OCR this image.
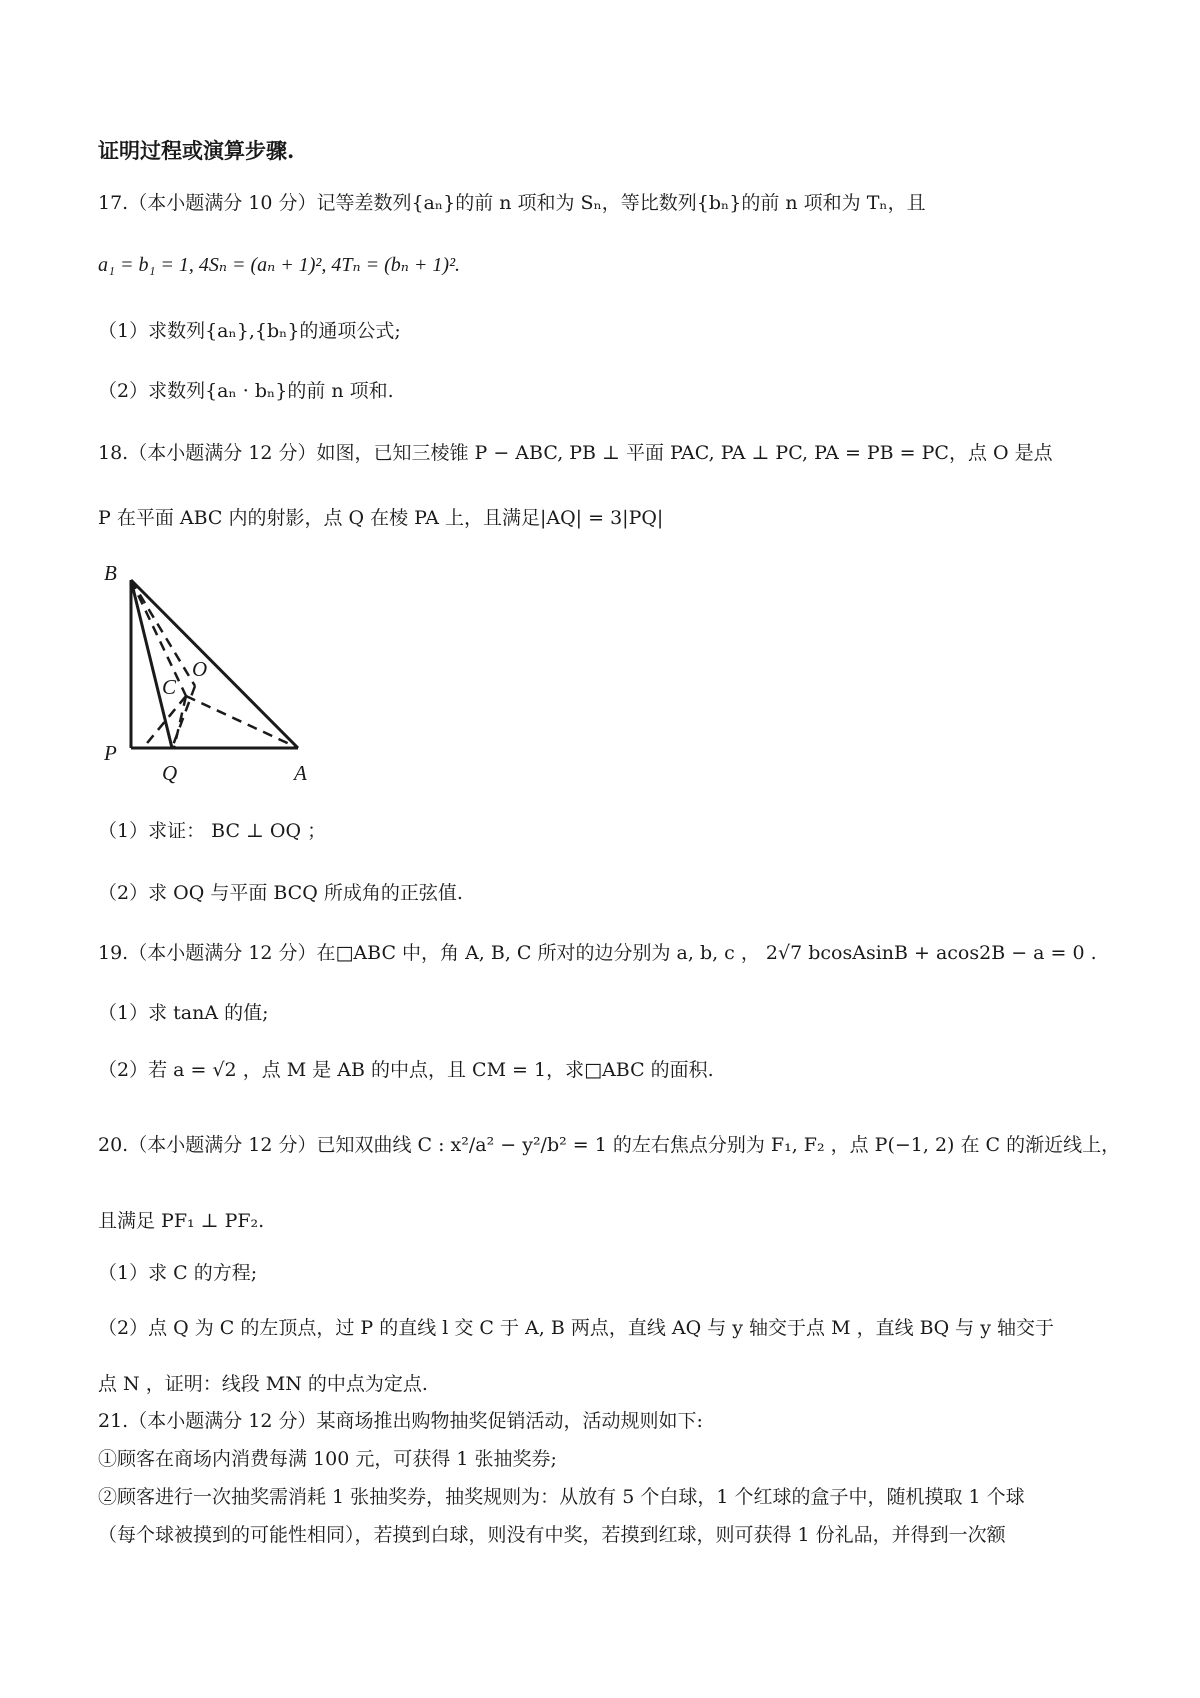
证明过程或演算步骤.
17.（本小题满分 10 分）记等差数列{aₙ}的前 n 项和为 Sₙ，等比数列{bₙ}的前 n 项和为 Tₙ，且
a₁ = b₁ = 1, 4Sₙ = (aₙ + 1)², 4Tₙ = (bₙ + 1)².
（1）求数列{aₙ},{bₙ}的通项公式;
（2）求数列{aₙ · bₙ}的前 n 项和.
18.（本小题满分 12 分）如图，已知三棱锥 P − ABC, PB ⊥ 平面 PAC, PA ⊥ PC, PA = PB = PC，点 O 是点
P 在平面 ABC 内的射影，点 Q 在棱 PA 上，且满足|AQ| = 3|PQ|
B
C
O
P
Q	A
（1）求证： BC ⊥ OQ ；
（2）求 OQ 与平面 BCQ 所成角的正弦值.
19.（本小题满分 12 分）在□ABC 中，角 A, B, C 所对的边分别为 a, b, c ， 2√7 bcosAsinB + acos2B − a = 0 .
（1）求 tanA 的值;
（2）若 a = √2 ，点 M 是 AB 的中点，且 CM = 1，求□ABC 的面积.
20.（本小题满分 12 分）已知双曲线 C : x²/a² − y²/b² = 1 的左右焦点分别为 F₁, F₂ ，点 P(−1, 2) 在 C 的渐近线上，
且满足 PF₁ ⊥ PF₂.
（1）求 C 的方程;
（2）点 Q 为 C 的左顶点，过 P 的直线 l 交 C 于 A, B 两点，直线 AQ 与 y 轴交于点 M ，直线 BQ 与 y 轴交于
点 N ，证明：线段 MN 的中点为定点.
21.（本小题满分 12 分）某商场推出购物抽奖促销活动，活动规则如下:
①顾客在商场内消费每满 100 元，可获得 1 张抽奖券;
②顾客进行一次抽奖需消耗 1 张抽奖券，抽奖规则为：从放有 5 个白球，1 个红球的盒子中，随机摸取 1 个球
（每个球被摸到的可能性相同），若摸到白球，则没有中奖，若摸到红球，则可获得 1 份礼品，并得到一次额
